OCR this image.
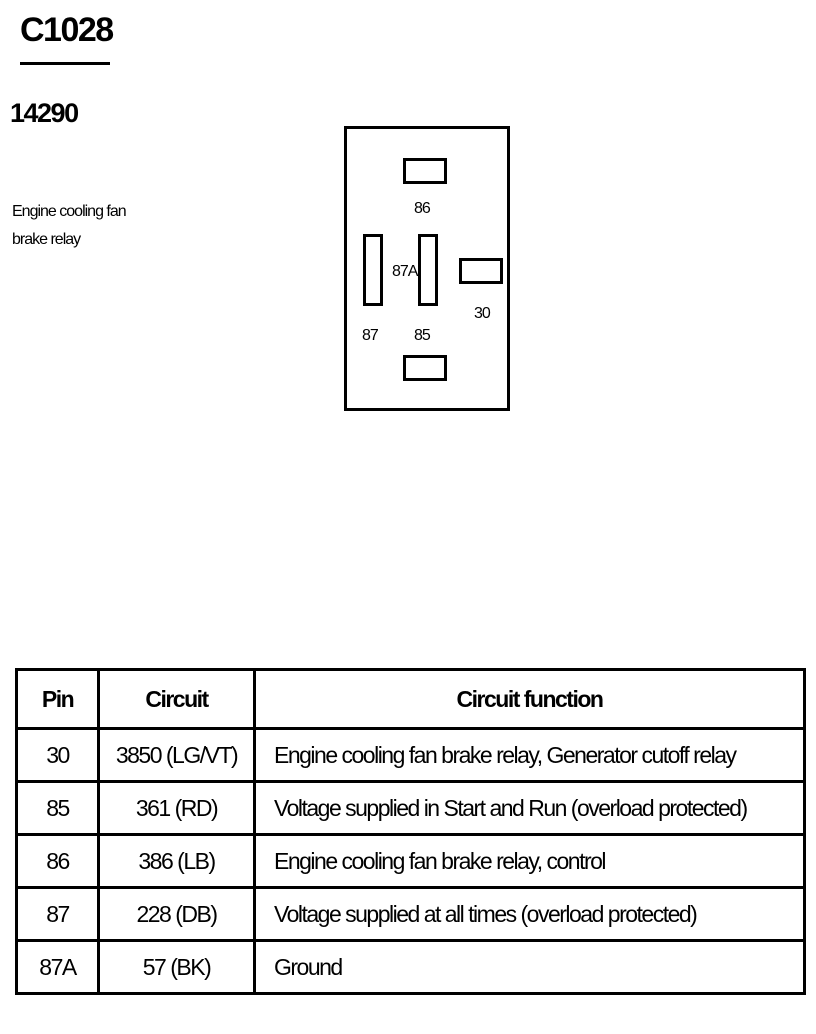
C1028
14290

Engine cooling fan
brake relay

86
87
87A
30
85
Pin	Circuit	Circuit function
30	3850 (LG/VT)	Engine cooling fan brake relay, Generator cutoff relay
85	361 (RD)	Voltage supplied in Start and Run (overload protected)
86	386 (LB)	Engine cooling fan brake relay, control
87	228 (DB)	Voltage supplied at all times (overload protected)
87A	57 (BK)	Ground
